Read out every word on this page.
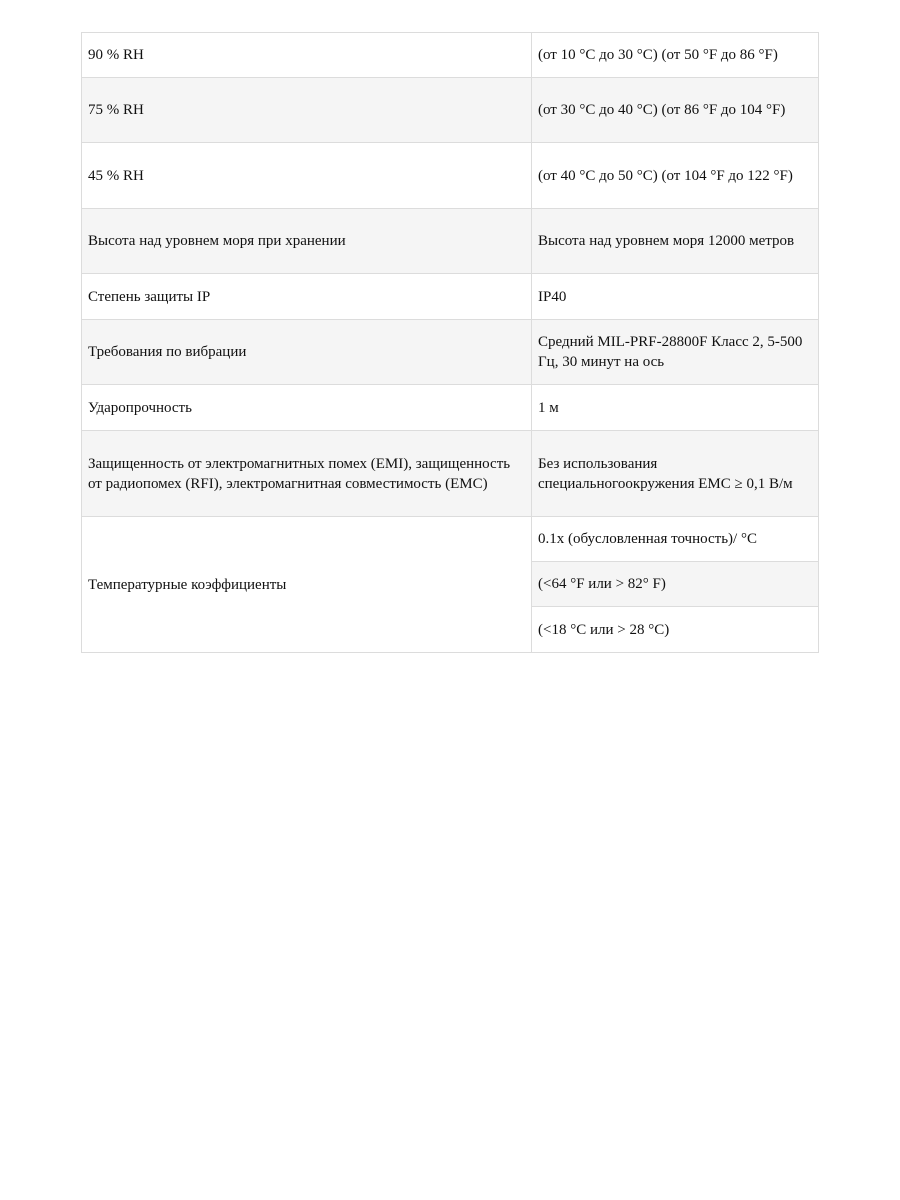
90 % RH	(от 10 °C до 30 °C) (от 50 °F до 86 °F)
75 % RH	(от 30 °C до 40 °C) (от 86 °F до 104 °F)
45 % RH	(от 40 °C до 50 °C) (от 104 °F до 122 °F)
Высота над уровнем моря при хранении	Высота над уровнем моря 12000 метров
Степень защиты IP	IP40
Требования по вибрации	Средний MIL-PRF-28800F Класс 2, 5-500 Гц, 30 минут на ось
Ударопрочность	1 м
Защищенность от электромагнитных помех (EMI), защищенность от радиопомех (RFI), электромагнитная совместимость (EMC)	Без использования специальногоокружения EMC ≥ 0,1 В/м
Температурные коэффициенты	0.1x (обусловленная точность)/ °C
	(<64 °F или > 82° F)
	(<18 °C или > 28 °C)
